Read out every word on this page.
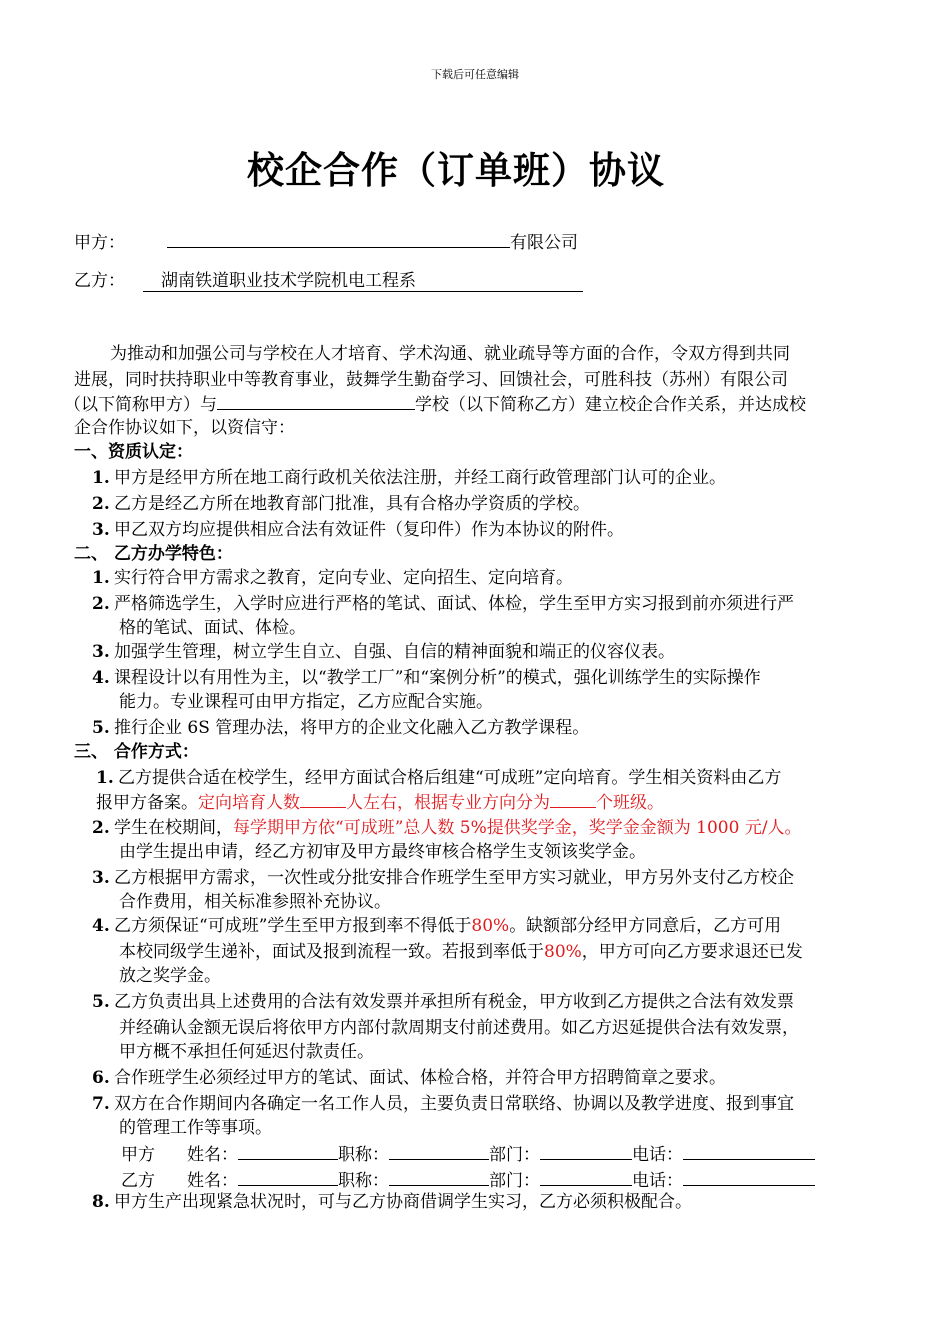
下载后可任意编辑
校企合作（订单班）协议
甲方：	有限公司
乙方： 湖南铁道职业技术学院机电工程系
为推动和加强公司与学校在人才培育、学术沟通、就业疏导等方面的合作，令双方得到共同
进展，同时扶持职业中等教育事业，鼓舞学生勤奋学习、回馈社会，可胜科技（苏州）有限公司
（以下简称甲方）与	学校（以下简称乙方）建立校企合作关系，并达成校
企合作协议如下，以资信守：
一、资质认定：
1. 甲方是经甲方所在地工商行政机关依法注册，并经工商行政管理部门认可的企业。
2. 乙方是经乙方所在地教育部门批准，具有合格办学资质的学校。
3. 甲乙双方均应提供相应合法有效证件（复印件）作为本协议的附件。
二、 乙方办学特色：
1. 实行符合甲方需求之教育，定向专业、定向招生、定向培育。
2. 严格筛选学生，入学时应进行严格的笔试、面试、体检，学生至甲方实习报到前亦须进行严
格的笔试、面试、体检。
3. 加强学生管理，树立学生自立、自强、自信的精神面貌和端正的仪容仪表。
4. 课程设计以有用性为主，以“教学工厂”和“案例分析”的模式，强化训练学生的实际操作
能力。专业课程可由甲方指定，乙方应配合实施。
5. 推行企业 6S 管理办法，将甲方的企业文化融入乙方教学课程。
三、 合作方式：
1. 乙方提供合适在校学生，经甲方面试合格后组建“可成班”定向培育。学生相关资料由乙方
报甲方备案。定向培育人数	人左右，根据专业方向分为	个班级。
2. 学生在校期间，每学期甲方依“可成班”总人数 5%提供奖学金，奖学金金额为 1000 元/人。
由学生提出申请，经乙方初审及甲方最终审核合格学生支领该奖学金。
3. 乙方根据甲方需求，一次性或分批安排合作班学生至甲方实习就业，甲方另外支付乙方校企
合作费用，相关标准参照补充协议。
4. 乙方须保证“可成班”学生至甲方报到率不得低于80%。缺额部分经甲方同意后，乙方可用
本校同级学生递补，面试及报到流程一致。若报到率低于80%，甲方可向乙方要求退还已发
放之奖学金。
5. 乙方负责出具上述费用的合法有效发票并承担所有税金，甲方收到乙方提供之合法有效发票
并经确认金额无误后将依甲方内部付款周期支付前述费用。如乙方迟延提供合法有效发票，
甲方概不承担任何延迟付款责任。
6. 合作班学生必须经过甲方的笔试、面试、体检合格，并符合甲方招聘简章之要求。
7. 双方在合作期间内各确定一名工作人员，主要负责日常联络、协调以及教学进度、报到事宜
的管理工作等事项。
甲方 姓名：	职称：	部门：	电话：
乙方 姓名：	职称：	部门：	电话：
8. 甲方生产出现紧急状况时，可与乙方协商借调学生实习，乙方必须积极配合。
